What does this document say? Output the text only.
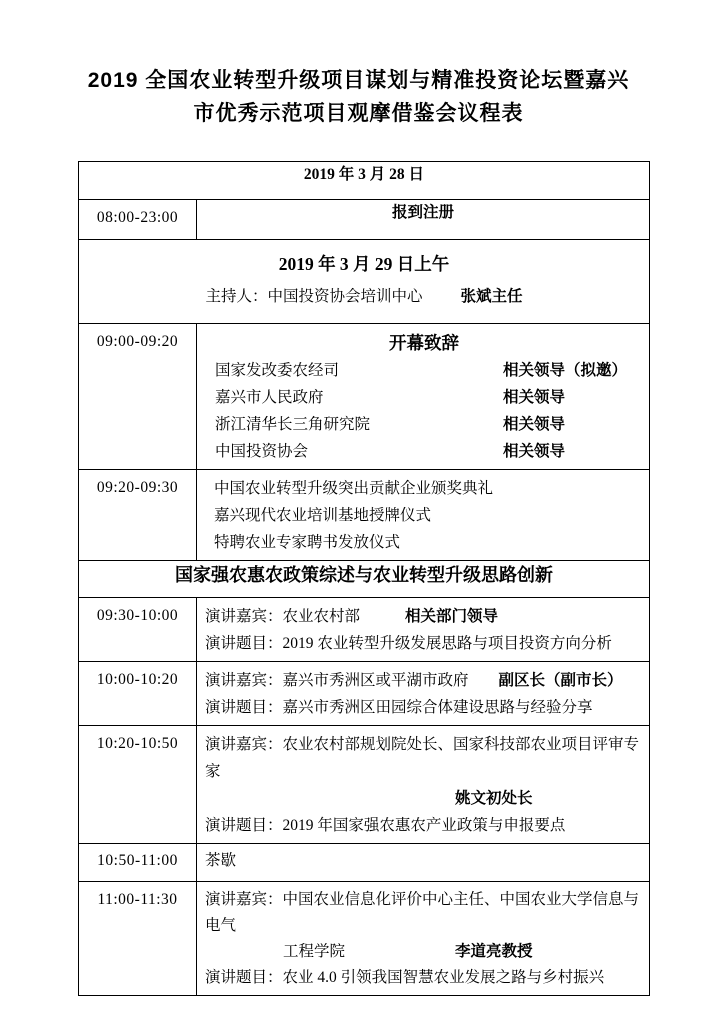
2019 全国农业转型升级项目谋划与精准投资论坛暨嘉兴
市优秀示范项目观摩借鉴会议程表
2019 年 3 月 28 日	
08:00-23:00	报到注册

2019 年 3 月 29 日上午
主持人：中国投资协会培训中心 张斌主任	

09:00-09:20	开幕致辞
国家发改委农经司	相关领导（拟邀）
嘉兴市人民政府	相关领导
浙江清华长三角研究院	相关领导
中国投资协会	相关领导

09:20-09:30	中国农业转型升级突出贡献企业颁奖典礼
嘉兴现代农业培训基地授牌仪式
特聘农业专家聘书发放仪式

国家强农惠农政策综述与农业转型升级思路创新	
09:30-10:00	演讲嘉宾：农业农村部 相关部门领导
演讲题目：2019 农业转型升级发展思路与项目投资方向分析

10:00-10:20	演讲嘉宾：嘉兴市秀洲区或平湖市政府 副区长（副市长）
演讲题目：嘉兴市秀洲区田园综合体建设思路与经验分享

10:20-10:50	演讲嘉宾：农业农村部规划院处长、国家科技部农业项目评审专家
姚文初处长
演讲题目：2019 年国家强农惠农产业政策与申报要点

10:50-11:00	茶歇

11:00-11:30	演讲嘉宾：中国农业信息化评价中心主任、中国农业大学信息与电气
工程学院 李道亮教授
演讲题目：农业 4.0 引领我国智慧农业发展之路与乡村振兴
